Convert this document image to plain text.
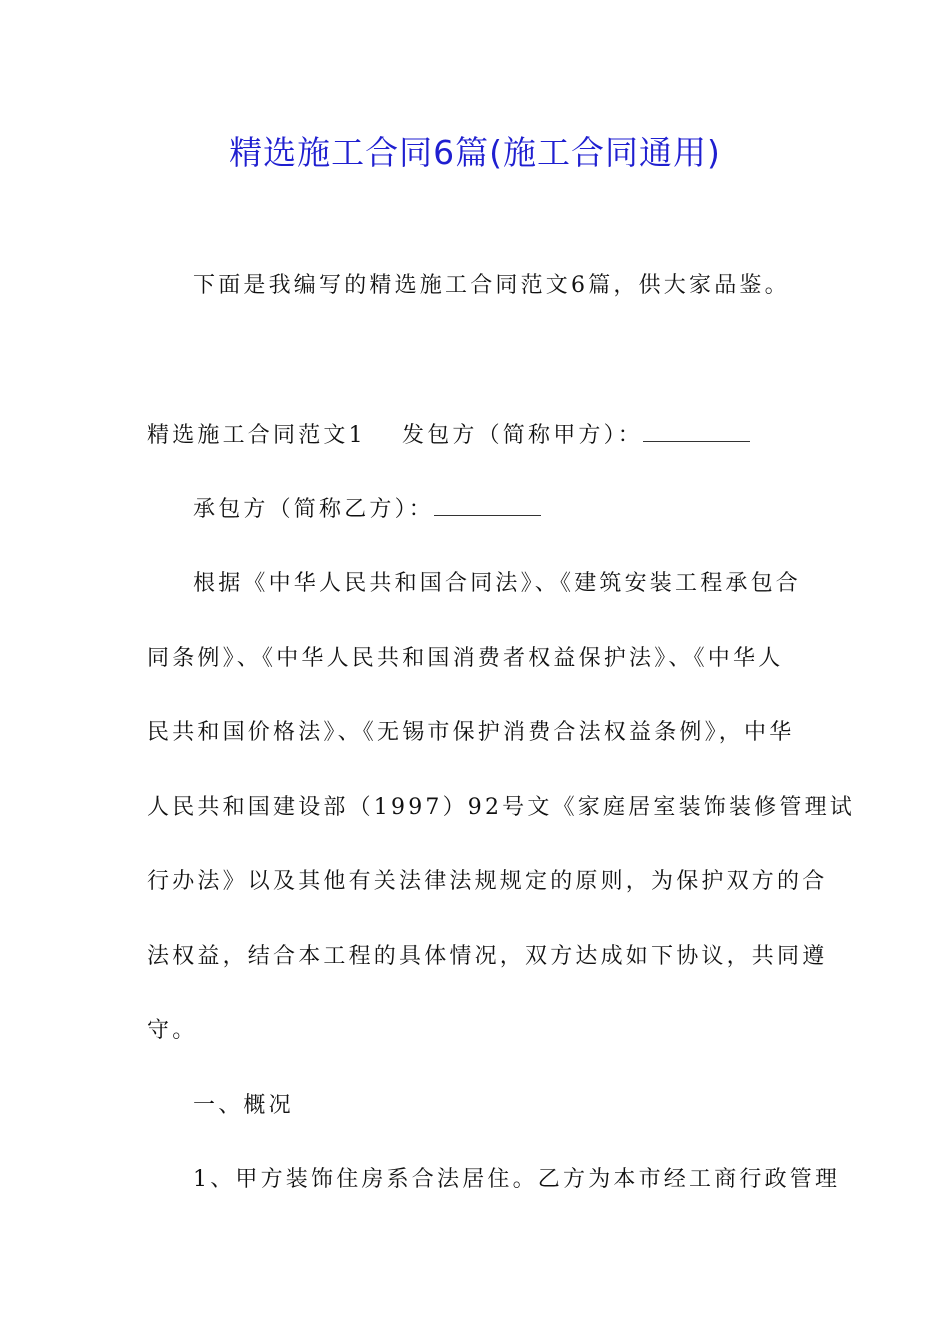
精选施工合同6篇(施工合同通用)

下面是我编写的精选施工合同范文6篇，供大家品鉴。

精选施工合同范文1 发包方（简称甲方）：

承包方（简称乙方）：

根据《中华人民共和国合同法》、《建筑安装工程承包合

同条例》、《中华人民共和国消费者权益保护法》、《中华人

民共和国价格法》、《无锡市保护消费合法权益条例》，中华

人民共和国建设部（1997）92号文《家庭居室装饰装修管理试

行办法》以及其他有关法律法规规定的原则，为保护双方的合

法权益，结合本工程的具体情况，双方达成如下协议，共同遵

守。

一、概况

1、甲方装饰住房系合法居住。乙方为本市经工商行政管理
